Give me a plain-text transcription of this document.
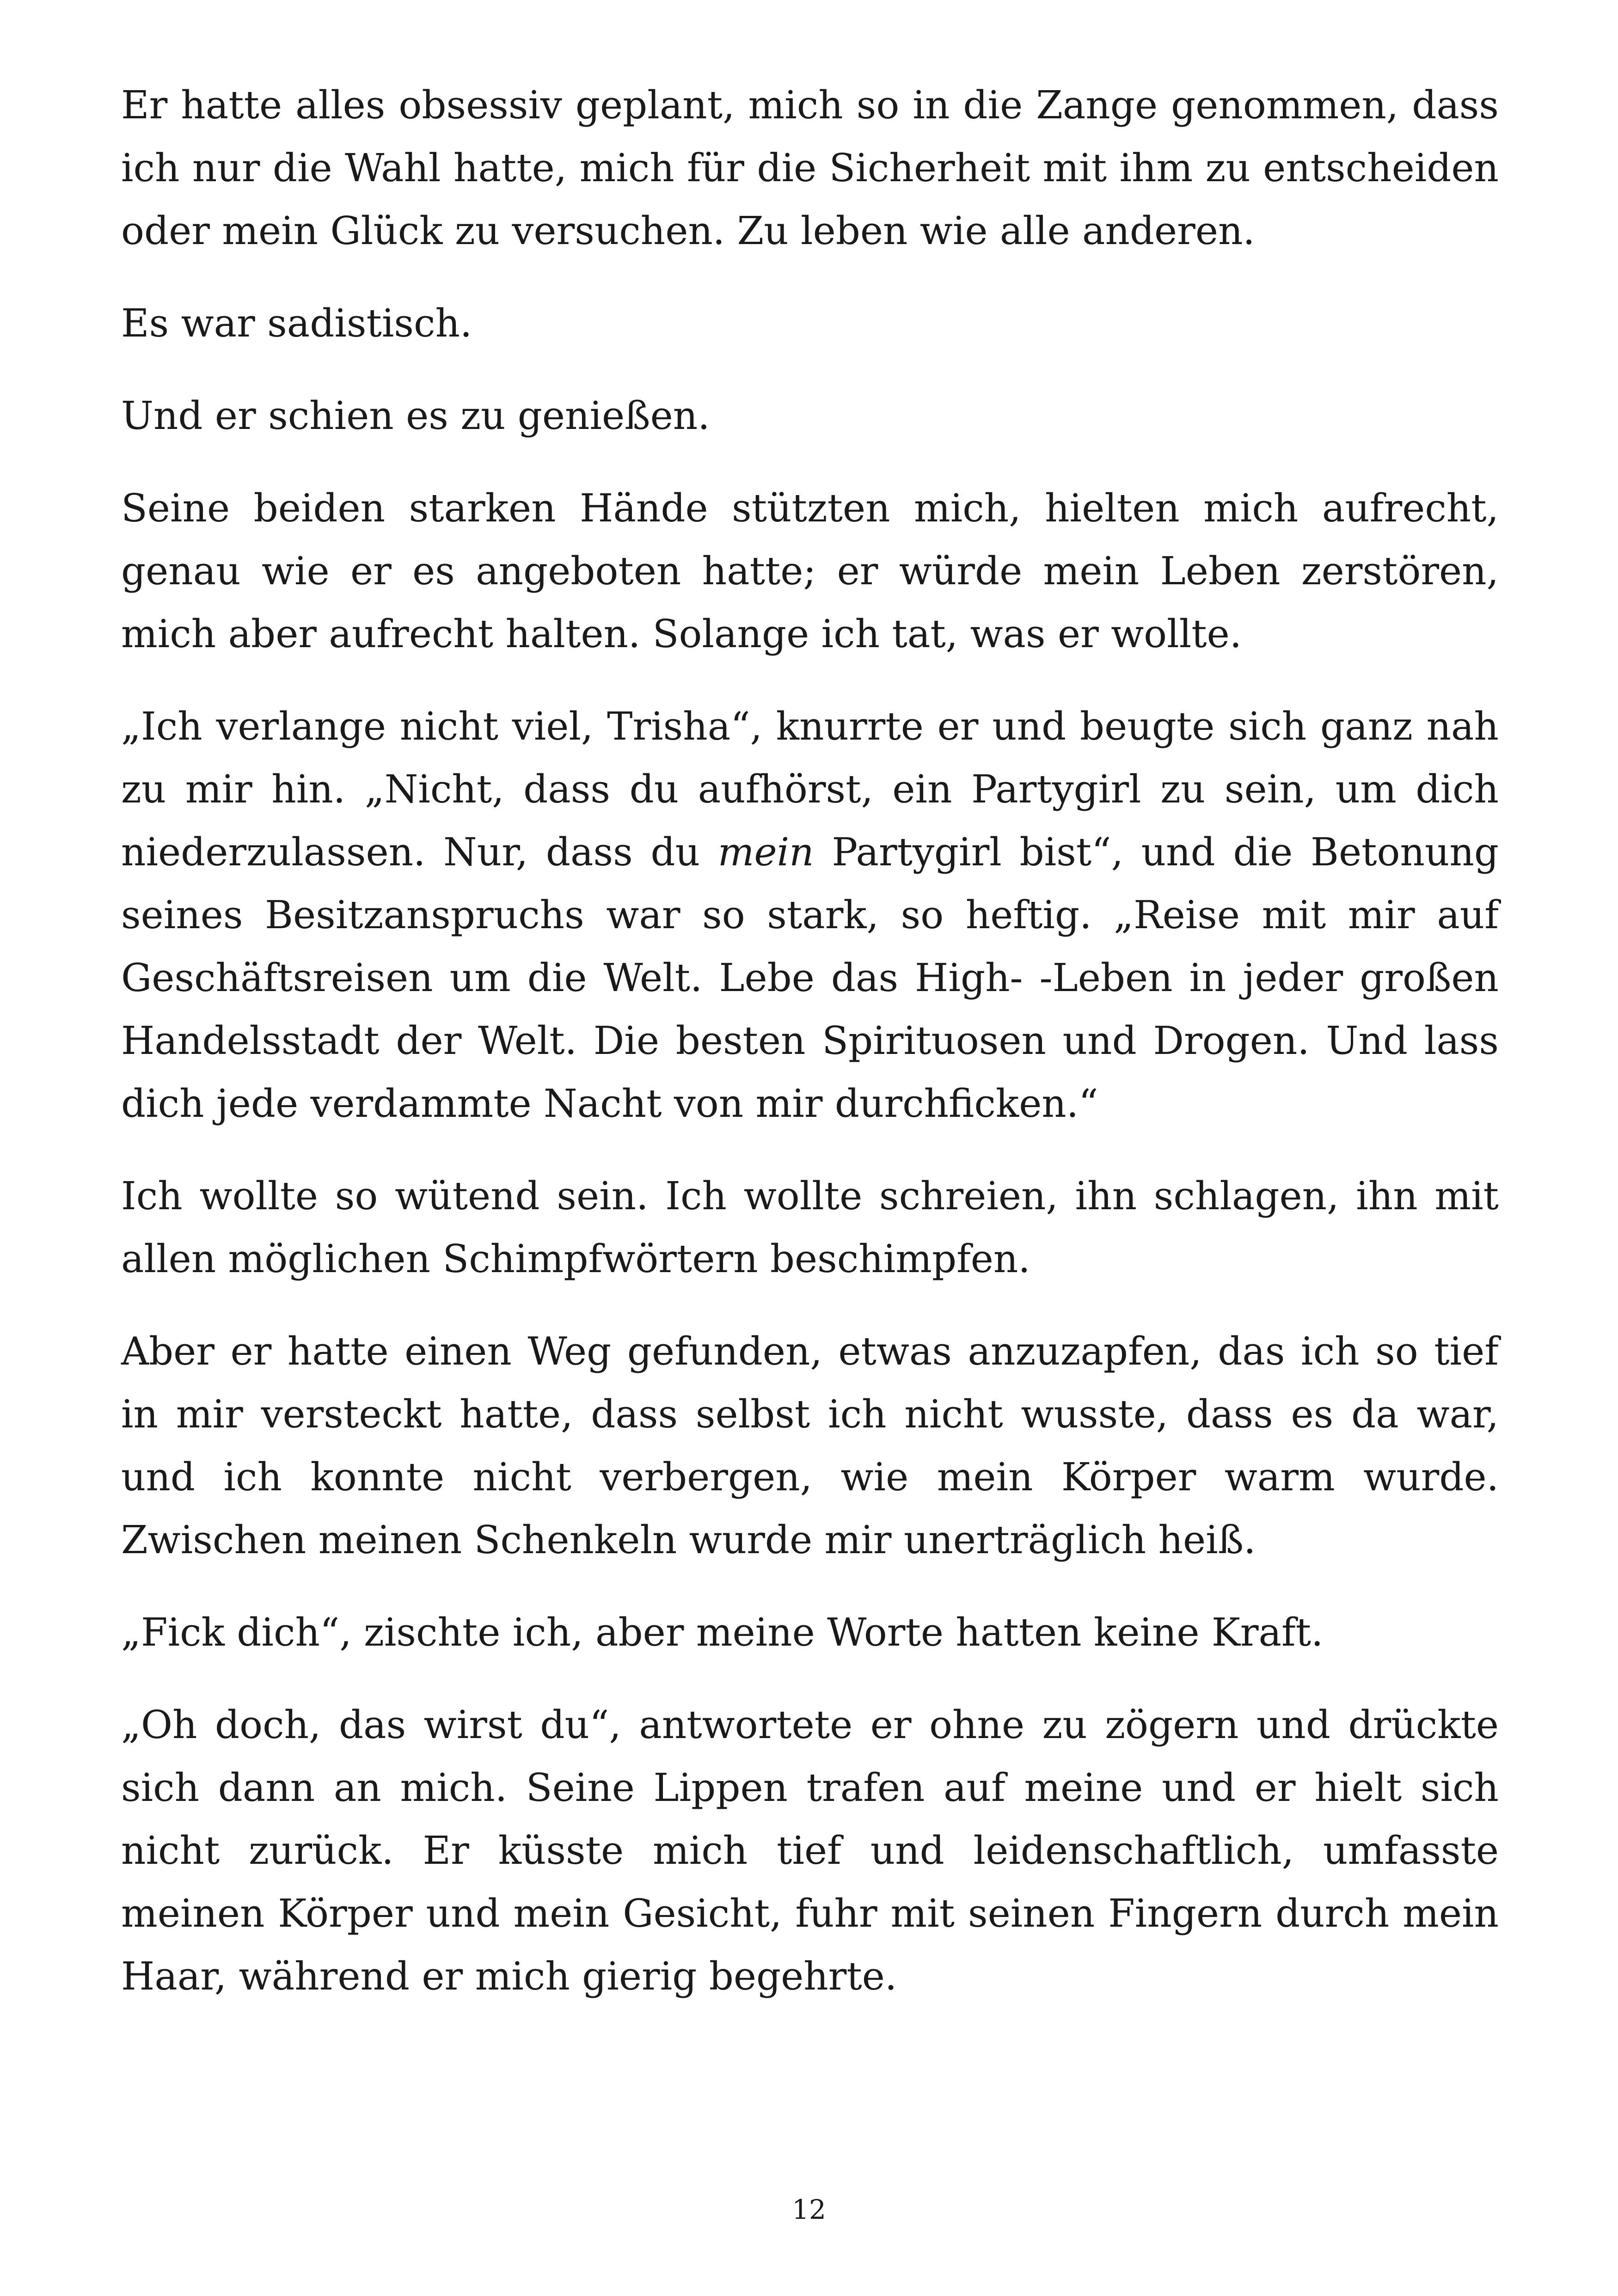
Er hatte alles obsessiv geplant, mich so in die Zange genommen, dass ich nur die Wahl hatte, mich für die Sicherheit mit ihm zu entscheiden oder mein Glück zu versuchen. Zu leben wie alle anderen.

Es war sadistisch.

Und er schien es zu genießen.

Seine beiden starken Hände stützten mich, hielten mich aufrecht, genau wie er es angeboten hatte; er würde mein Leben zerstören, mich aber aufrecht halten. Solange ich tat, was er wollte.

„Ich verlange nicht viel, Trisha“, knurrte er und beugte sich ganz nah zu mir hin. „Nicht, dass du aufhörst, ein Partygirl zu sein, um dich niederzulassen. Nur, dass du mein Partygirl bist“, und die Betonung seines Besitzanspruchs war so stark, so heftig. „Reise mit mir auf Geschäftsreisen um die Welt. Lebe das High- -Leben in jeder großen Handelsstadt der Welt. Die besten Spirituosen und Drogen. Und lass dich jede verdammte Nacht von mir durchficken.“

Ich wollte so wütend sein. Ich wollte schreien, ihn schlagen, ihn mit allen möglichen Schimpfwörtern beschimpfen.

Aber er hatte einen Weg gefunden, etwas anzuzapfen, das ich so tief in mir versteckt hatte, dass selbst ich nicht wusste, dass es da war, und ich konnte nicht verbergen, wie mein Körper warm wurde. Zwischen meinen Schenkeln wurde mir unerträglich heiß.

„Fick dich“, zischte ich, aber meine Worte hatten keine Kraft.

„Oh doch, das wirst du“, antwortete er ohne zu zögern und drückte sich dann an mich. Seine Lippen trafen auf meine und er hielt sich nicht zurück. Er küsste mich tief und leidenschaftlich, umfasste meinen Körper und mein Gesicht, fuhr mit seinen Fingern durch mein Haar, während er mich gierig begehrte.

12
